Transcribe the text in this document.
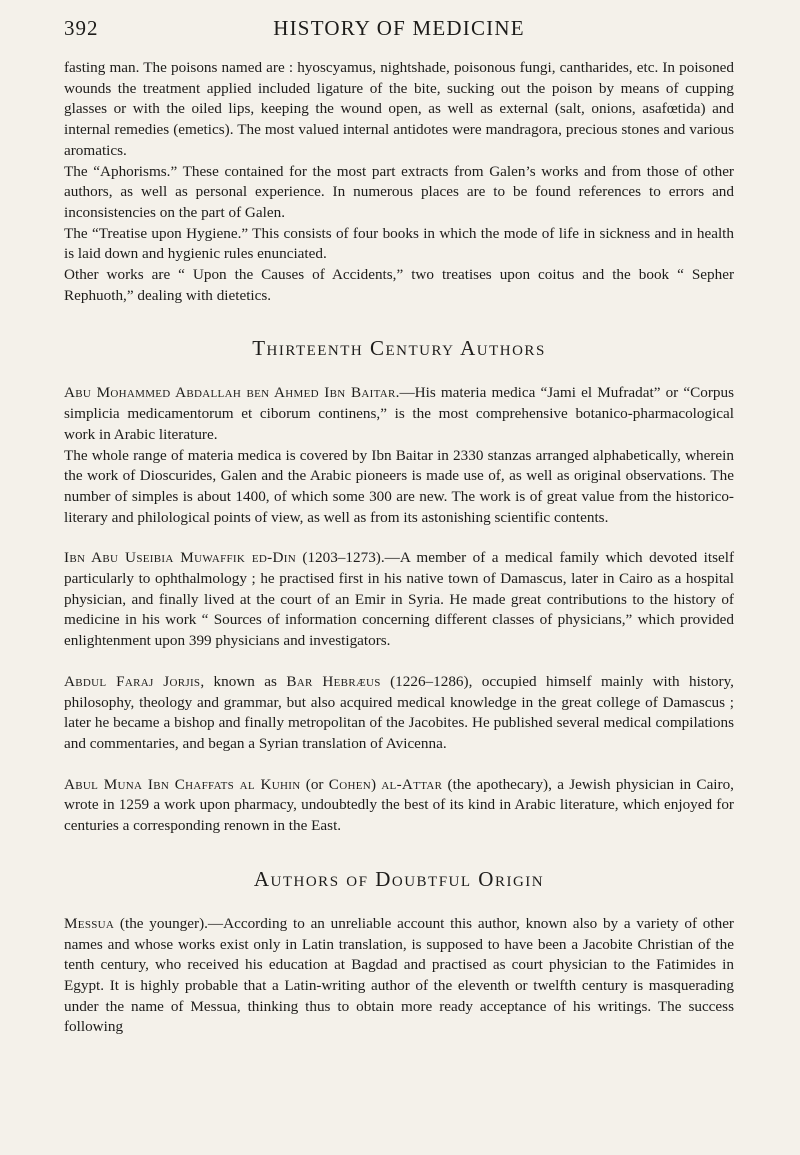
392	HISTORY OF MEDICINE

fasting man. The poisons named are : hyoscyamus, nightshade, poisonous fungi, cantharides, etc. In poisoned wounds the treatment applied included ligature of the bite, sucking out the poison by means of cupping glasses or with the oiled lips, keeping the wound open, as well as external (salt, onions, asafœtida) and internal remedies (emetics). The most valued internal antidotes were mandragora, precious stones and various aromatics.

The “Aphorisms.” These contained for the most part extracts from Galen’s works and from those of other authors, as well as personal experience. In numerous places are to be found references to errors and inconsistencies on the part of Galen.

The “Treatise upon Hygiene.” This consists of four books in which the mode of life in sickness and in health is laid down and hygienic rules enunciated.

Other works are “ Upon the Causes of Accidents,” two treatises upon coitus and the book “ Sepher Rephuoth,” dealing with dietetics.

Thirteenth Century Authors

Abu Mohammed Abdallah ben Ahmed Ibn Baitar.—His materia medica “Jami el Mufradat” or “Corpus simplicia medicamentorum et ciborum continens,” is the most comprehensive botanico-pharmacological work in Arabic literature.

The whole range of materia medica is covered by Ibn Baitar in 2330 stanzas arranged alphabetically, wherein the work of Dioscurides, Galen and the Arabic pioneers is made use of, as well as original observations. The number of simples is about 1400, of which some 300 are new. The work is of great value from the historico-literary and philological points of view, as well as from its astonishing scientific contents.

Ibn Abu Useibia Muwaffik ed-Din (1203–1273).—A member of a medical family which devoted itself particularly to ophthalmology ; he practised first in his native town of Damascus, later in Cairo as a hospital physician, and finally lived at the court of an Emir in Syria. He made great contributions to the history of medicine in his work “ Sources of information concerning different classes of physicians,” which provided enlightenment upon 399 physicians and investigators.

Abdul Faraj Jorjis, known as Bar Hebræus (1226–1286), occupied himself mainly with history, philosophy, theology and grammar, but also acquired medical knowledge in the great college of Damascus ; later he became a bishop and finally metropolitan of the Jacobites. He published several medical compilations and commentaries, and began a Syrian translation of Avicenna.

Abul Muna Ibn Chaffats al Kuhin (or Cohen) al-Attar (the apothecary), a Jewish physician in Cairo, wrote in 1259 a work upon pharmacy, undoubtedly the best of its kind in Arabic literature, which enjoyed for centuries a corresponding renown in the East.

Authors of Doubtful Origin

Messua (the younger).—According to an unreliable account this author, known also by a variety of other names and whose works exist only in Latin translation, is supposed to have been a Jacobite Christian of the tenth century, who received his education at Bagdad and practised as court physician to the Fatimides in Egypt. It is highly probable that a Latin-writing author of the eleventh or twelfth century is masquerading under the name of Messua, thinking thus to obtain more ready acceptance of his writings. The success following
